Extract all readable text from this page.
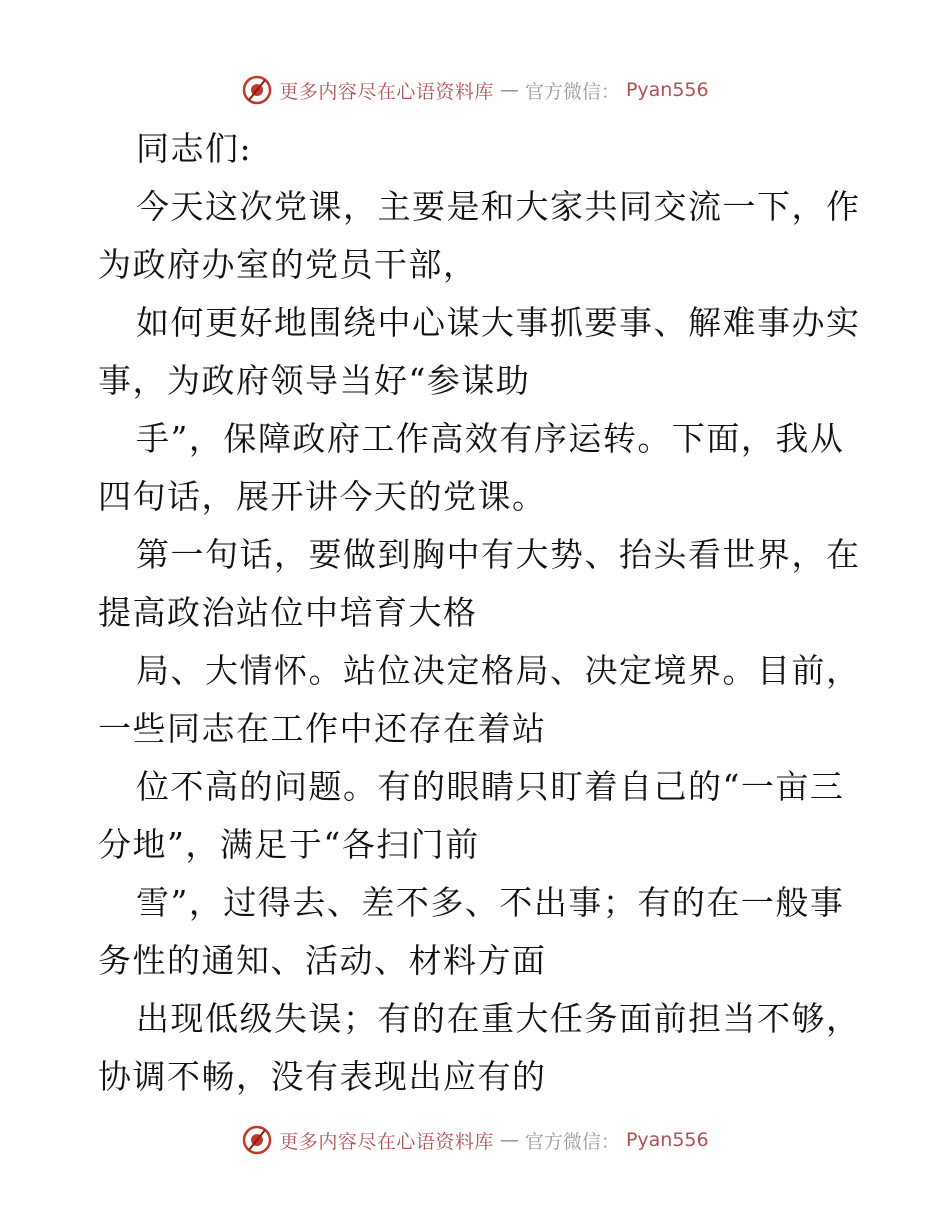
更多内容尽在心语资料库 — 官方微信： Pyan556
同志们:
今天这次党课，主要是和大家共同交流一下，作
为政府办室的党员干部，
如何更好地围绕中心谋大事抓要事、解难事办实
事，为政府领导当好“参谋助
手”，保障政府工作高效有序运转。下面，我从
四句话，展开讲今天的党课。
第一句话，要做到胸中有大势、抬头看世界，在
提高政治站位中培育大格
局、大情怀。站位决定格局、决定境界。目前，
一些同志在工作中还存在着站
位不高的问题。有的眼睛只盯着自己的“一亩三
分地”，满足于“各扫门前
雪”，过得去、差不多、不出事；有的在一般事
务性的通知、活动、材料方面
出现低级失误；有的在重大任务面前担当不够，
协调不畅，没有表现出应有的
更多内容尽在心语资料库 — 官方微信： Pyan556
